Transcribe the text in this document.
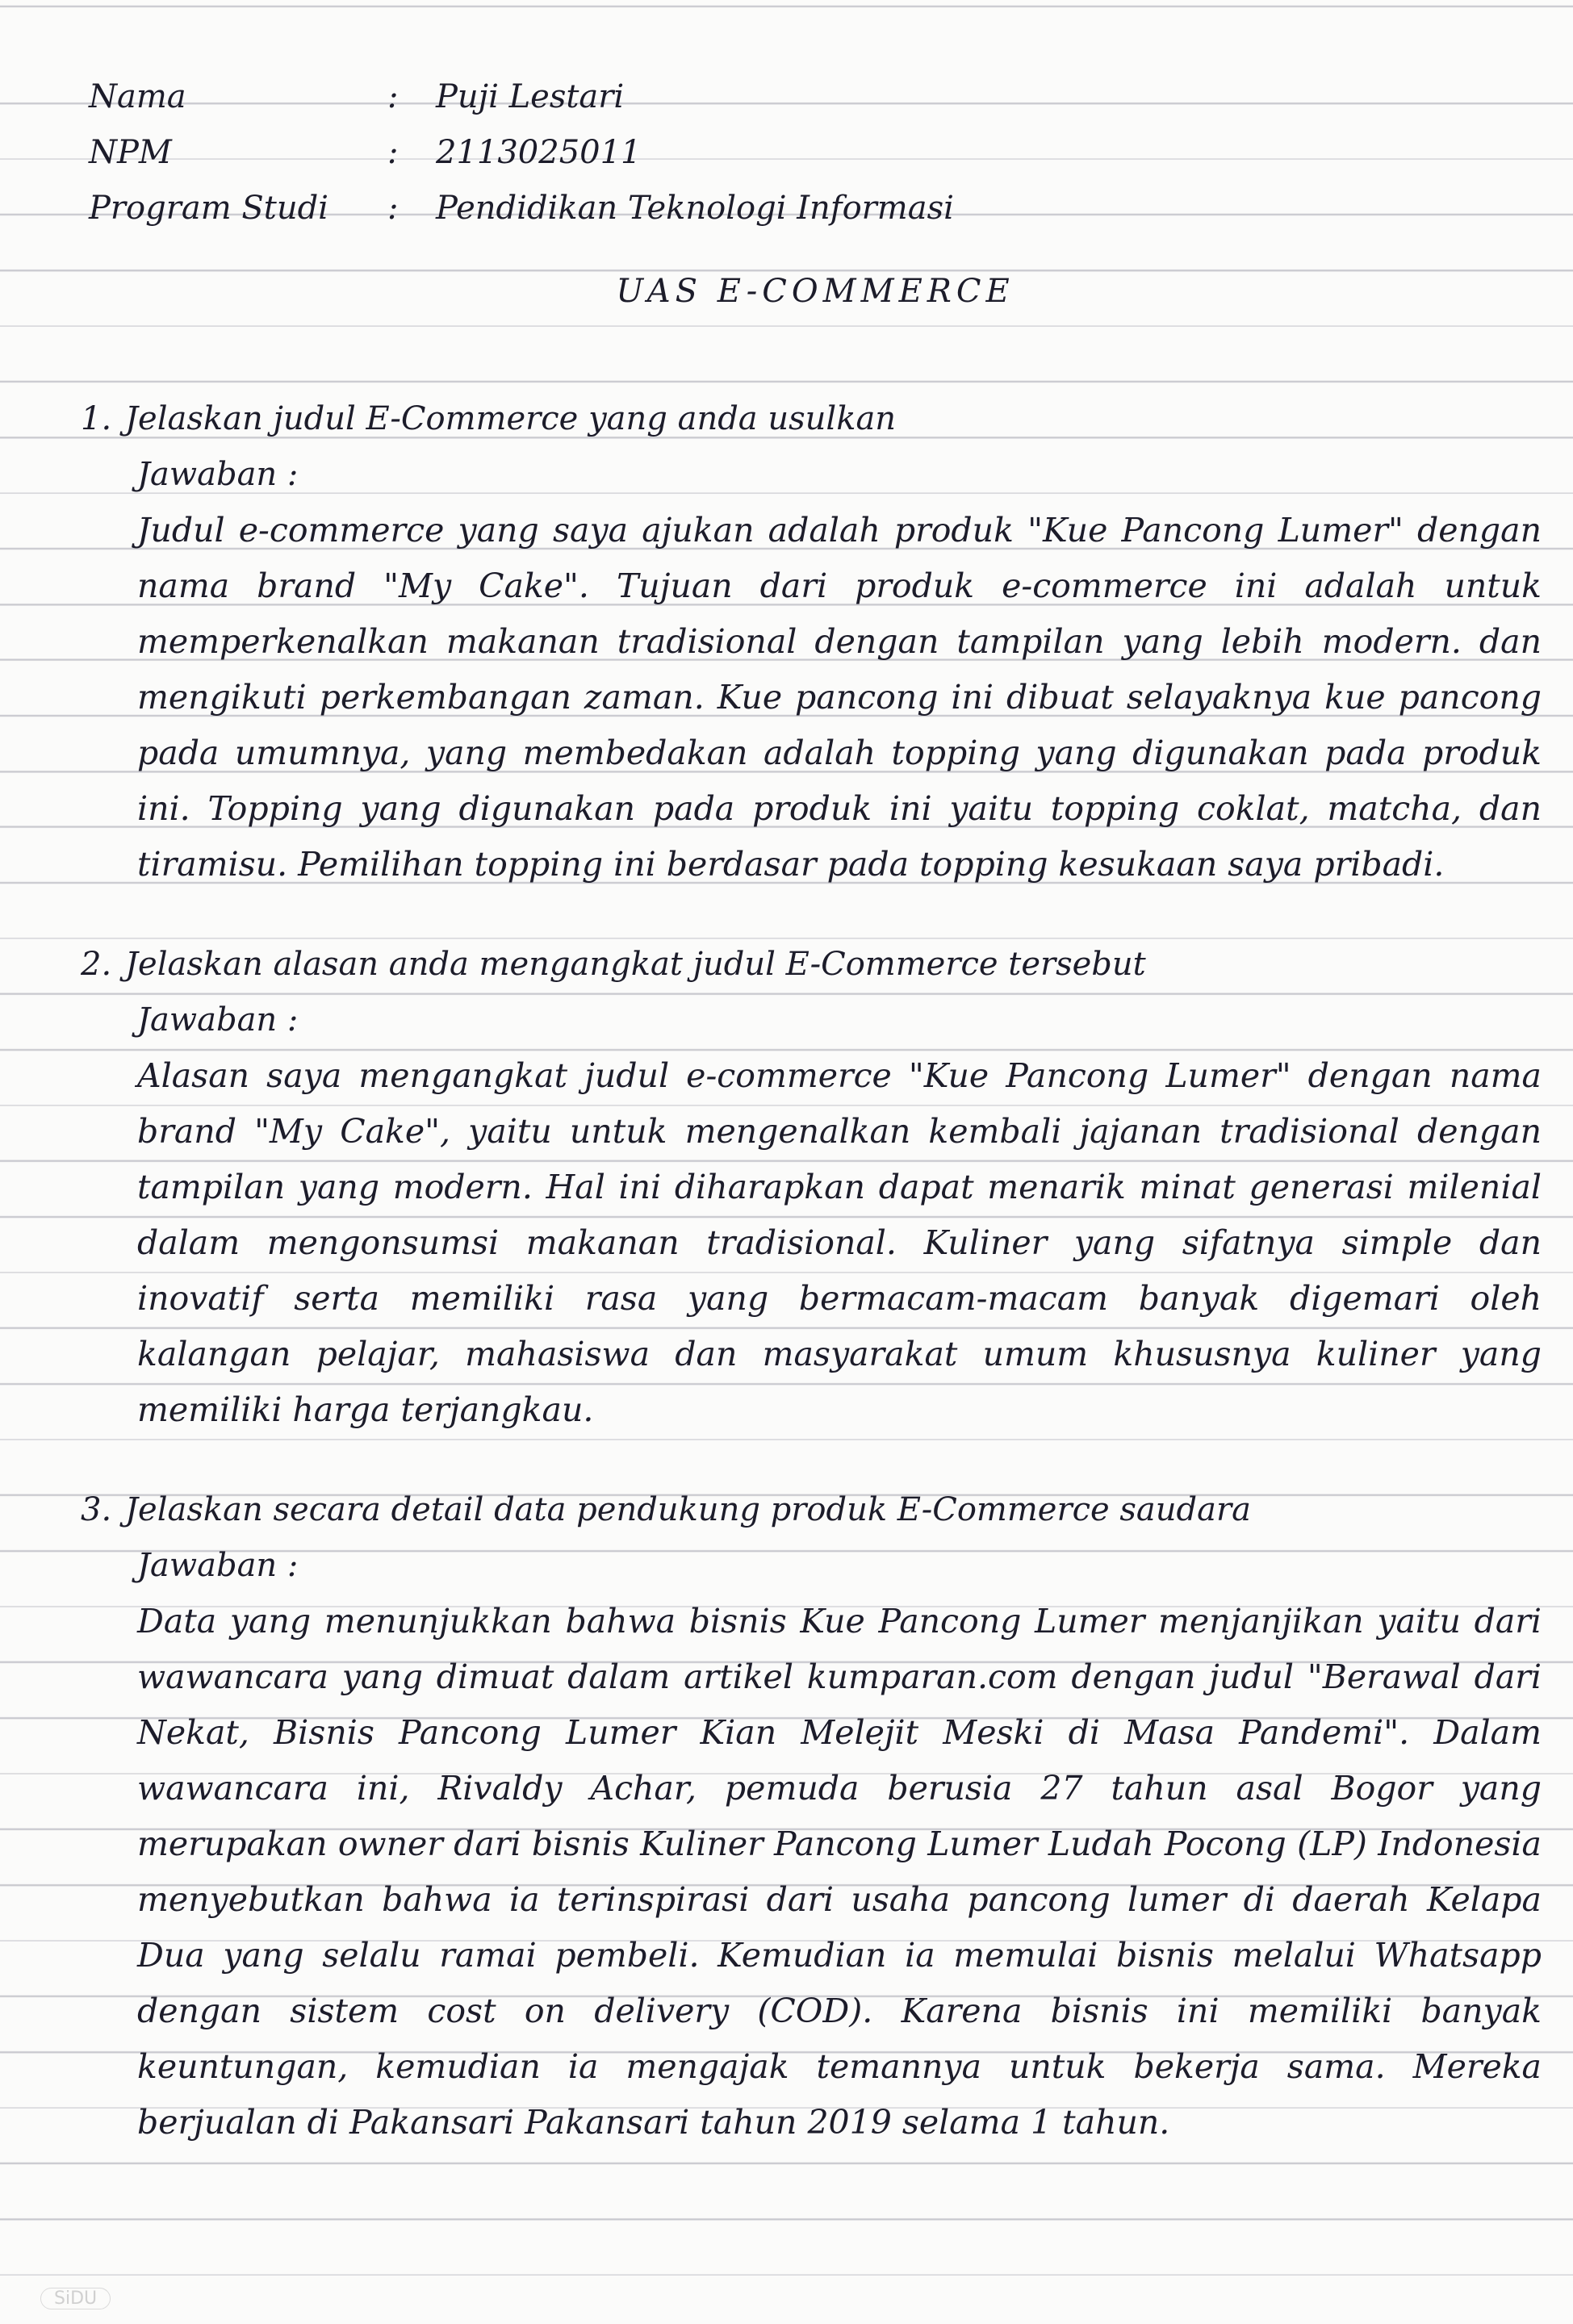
Nama	:	Puji Lestari
NPM	:	2113025011
Program Studi	:	Pendidikan Teknologi Informasi
UAS E-COMMERCE
1. Jelaskan judul E-Commerce yang anda usulkan
Jawaban :

Judul e-commerce yang saya ajukan adalah produk "Kue Pancong Lumer" dengan nama brand "My Cake". Tujuan dari produk e-commerce ini adalah untuk memperkenalkan makanan tradisional dengan tampilan yang lebih modern. dan mengikuti perkembangan zaman. Kue pancong ini dibuat selayaknya kue pancong pada umumnya, yang membedakan adalah topping yang digunakan pada produk ini. Topping yang digunakan pada produk ini yaitu topping coklat, matcha, dan tiramisu. Pemilihan topping ini berdasar pada topping kesukaan saya pribadi.

2. Jelaskan alasan anda mengangkat judul E-Commerce tersebut
Jawaban :

Alasan saya mengangkat judul e-commerce "Kue Pancong Lumer" dengan nama brand "My Cake", yaitu untuk mengenalkan kembali jajanan tradisional dengan tampilan yang modern. Hal ini diharapkan dapat menarik minat generasi milenial dalam mengonsumsi makanan tradisional. Kuliner yang sifatnya simple dan inovatif serta memiliki rasa yang bermacam-macam banyak digemari oleh kalangan pelajar, mahasiswa dan masyarakat umum khususnya kuliner yang memiliki harga terjangkau.

3. Jelaskan secara detail data pendukung produk E-Commerce saudara
Jawaban :

Data yang menunjukkan bahwa bisnis Kue Pancong Lumer menjanjikan yaitu dari wawancara yang dimuat dalam artikel kumparan.com dengan judul "Berawal dari Nekat, Bisnis Pancong Lumer Kian Melejit Meski di Masa Pandemi". Dalam wawancara ini, Rivaldy Achar, pemuda berusia 27 tahun asal Bogor yang merupakan owner dari bisnis Kuliner Pancong Lumer Ludah Pocong (LP) Indonesia menyebutkan bahwa ia terinspirasi dari usaha pancong lumer di daerah Kelapa Dua yang selalu ramai pembeli. Kemudian ia memulai bisnis melalui Whatsapp dengan sistem cost on delivery (COD). Karena bisnis ini memiliki banyak keuntungan, kemudian ia mengajak temannya untuk bekerja sama. Mereka berjualan di Pakansari Pakansari tahun 2019 selama 1 tahun.

SiDU
